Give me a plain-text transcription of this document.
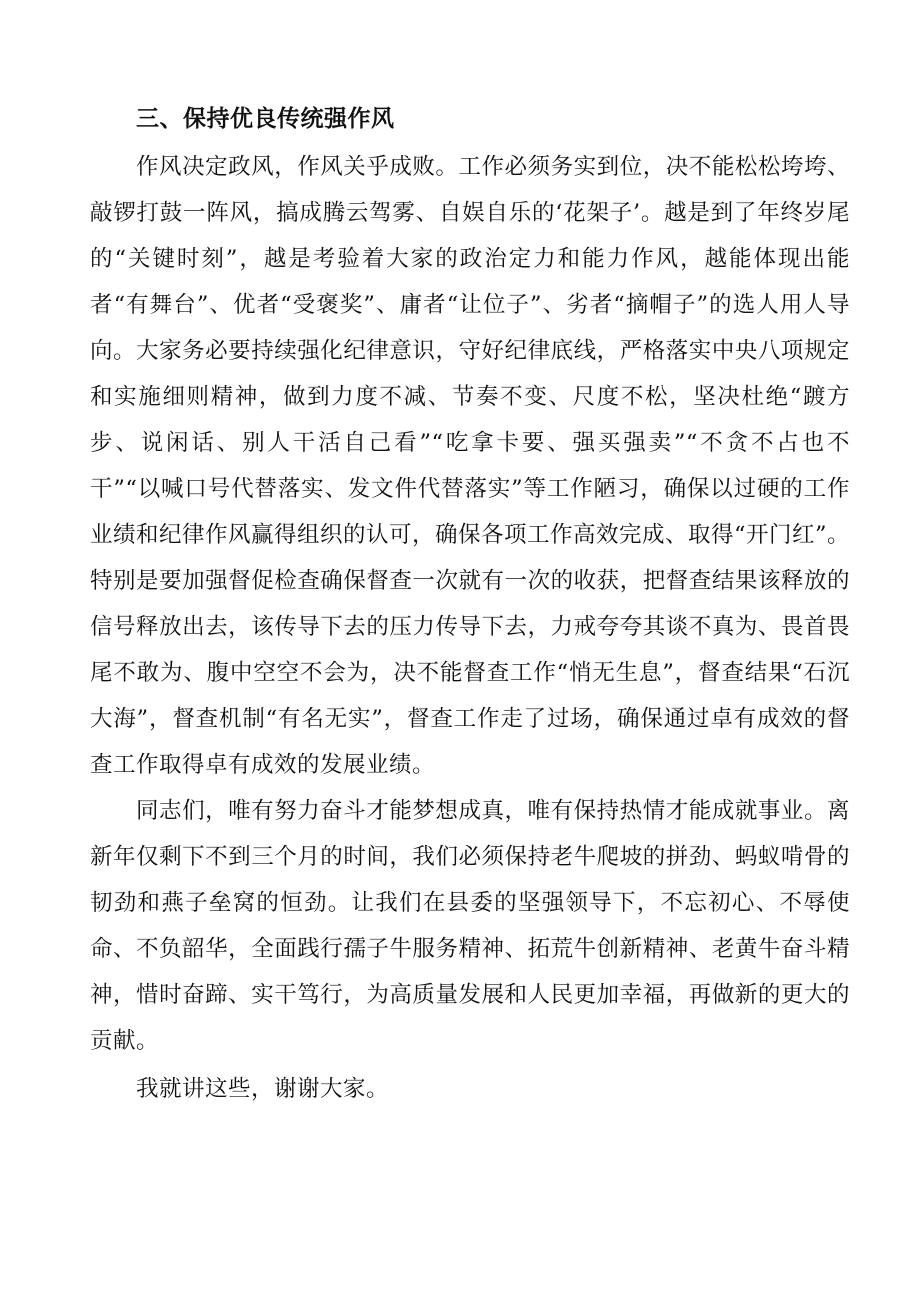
三、保持优良传统强作风

作风决定政风，作风关乎成败。工作必须务实到位，决不能松松垮垮、敲锣打鼓一阵风，搞成腾云驾雾、自娱自乐的‘花架子’。越是到了年终岁尾的“关键时刻”，越是考验着大家的政治定力和能力作风，越能体现出能者“有舞台”、优者“受褒奖”、庸者“让位子”、劣者“摘帽子”的选人用人导向。大家务必要持续强化纪律意识，守好纪律底线，严格落实中央八项规定和实施细则精神，做到力度不减、节奏不变、尺度不松，坚决杜绝“踱方步、说闲话、别人干活自己看”“吃拿卡要、强买强卖”“不贪不占也不干”“以喊口号代替落实、发文件代替落实”等工作陋习，确保以过硬的工作业绩和纪律作风赢得组织的认可，确保各项工作高效完成、取得“开门红”。特别是要加强督促检查确保督查一次就有一次的收获，把督查结果该释放的信号释放出去，该传导下去的压力传导下去，力戒夸夸其谈不真为、畏首畏尾不敢为、腹中空空不会为，决不能督查工作“悄无生息”，督查结果“石沉大海”，督查机制“有名无实”，督查工作走了过场，确保通过卓有成效的督查工作取得卓有成效的发展业绩。

同志们，唯有努力奋斗才能梦想成真，唯有保持热情才能成就事业。离新年仅剩下不到三个月的时间，我们必须保持老牛爬坡的拼劲、蚂蚁啃骨的韧劲和燕子垒窝的恒劲。让我们在县委的坚强领导下，不忘初心、不辱使命、不负韶华，全面践行孺子牛服务精神、拓荒牛创新精神、老黄牛奋斗精神，惜时奋蹄、实干笃行，为高质量发展和人民更加幸福，再做新的更大的贡献。

我就讲这些，谢谢大家。
